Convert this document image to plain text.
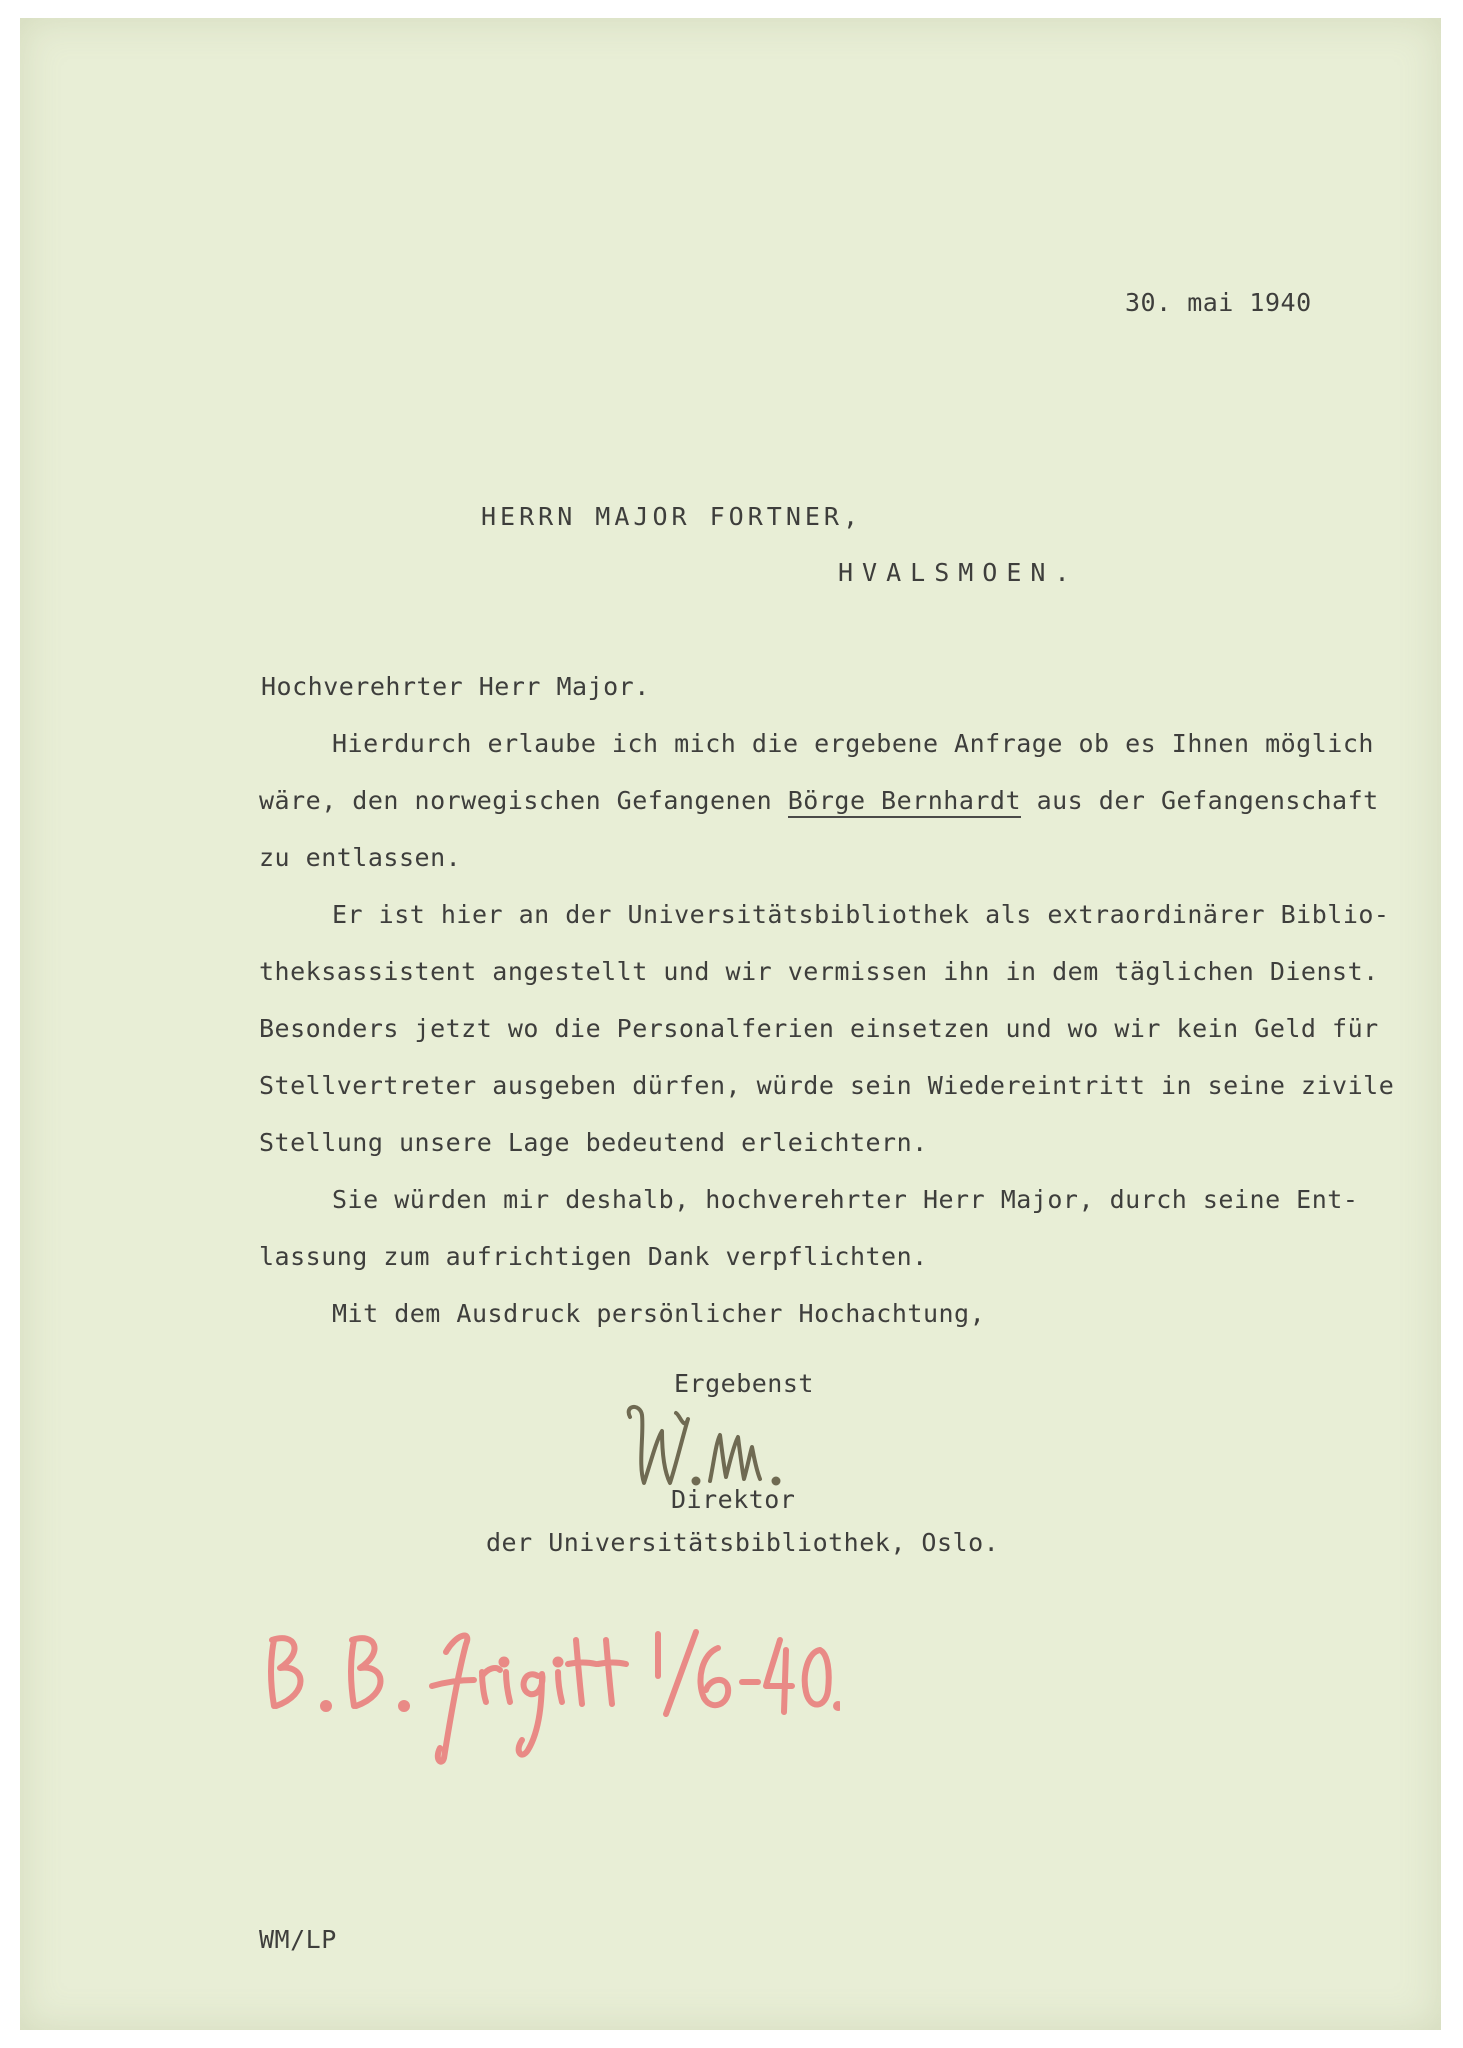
30. mai 1940
HERRN MAJOR FORTNER,
HVALSMOEN.
Hochverehrter Herr Major.
Hierdurch erlaube ich mich die ergebene Anfrage ob es Ihnen möglich
wäre, den norwegischen Gefangenen Börge Bernhardt aus der Gefangenschaft
zu entlassen.
Er ist hier an der Universitätsbibliothek als extraordinärer Biblio-
theksassistent angestellt und wir vermissen ihn in dem täglichen Dienst.
Besonders jetzt wo die Personalferien einsetzen und wo wir kein Geld für
Stellvertreter ausgeben dürfen, würde sein Wiedereintritt in seine zivile
Stellung unsere Lage bedeutend erleichtern.
Sie würden mir deshalb, hochverehrter Herr Major, durch seine Ent-
lassung zum aufrichtigen Dank verpflichten.
Mit dem Ausdruck persönlicher Hochachtung,
Ergebenst
Direktor
der Universitätsbibliothek, Oslo.
WM/LP
